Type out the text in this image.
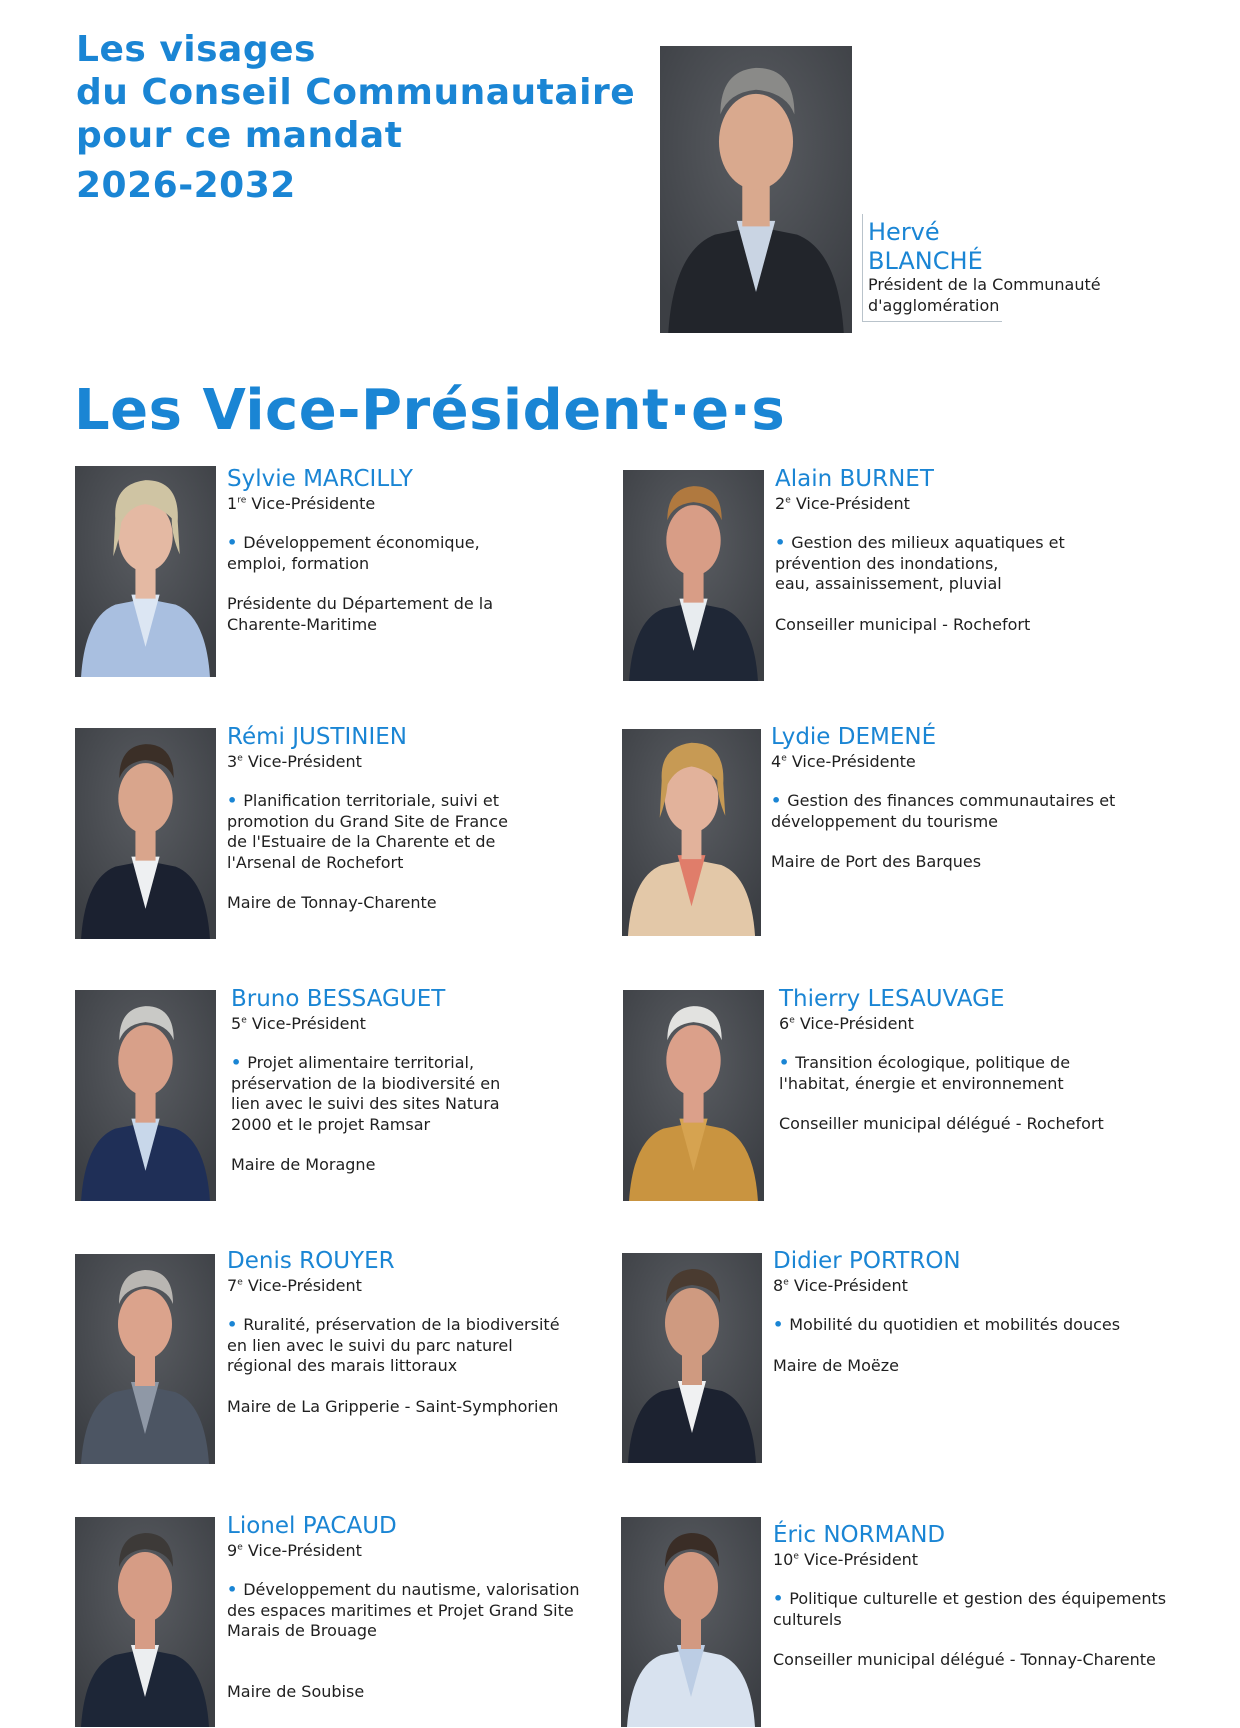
Les visages
du Conseil Communautaire
pour ce mandat

2026-2032
Hervé
BLANCHÉ
Président de la Communauté
d'agglomération
Les Vice-Président·e·s
Sylvie MARCILLY
1re Vice-Présidente
• Développement économique,
emploi, formation
Présidente du Département de la
Charente-Maritime
Alain BURNET
2e Vice-Président
• Gestion des milieux aquatiques et
prévention des inondations,
eau, assainissement, pluvial
Conseiller municipal - Rochefort
Rémi JUSTINIEN
3e Vice-Président
• Planification territoriale, suivi et
promotion du Grand Site de France
de l'Estuaire de la Charente et de
l'Arsenal de Rochefort
Maire de Tonnay-Charente
Lydie DEMENÉ
4e Vice-Présidente
• Gestion des finances communautaires et
développement du tourisme
Maire de Port des Barques
Bruno BESSAGUET
5e Vice-Président
• Projet alimentaire territorial,
préservation de la biodiversité en
lien avec le suivi des sites Natura
2000 et le projet Ramsar
Maire de Moragne
Thierry LESAUVAGE
6e Vice-Président
• Transition écologique, politique de
l'habitat, énergie et environnement
Conseiller municipal délégué - Rochefort
Denis ROUYER
7e Vice-Président
• Ruralité, préservation de la biodiversité
en lien avec le suivi du parc naturel
régional des marais littoraux
Maire de La Gripperie - Saint-Symphorien
Didier PORTRON
8e Vice-Président
• Mobilité du quotidien et mobilités douces
Maire de Moëze
Lionel PACAUD
9e Vice-Président
• Développement du nautisme, valorisation
des espaces maritimes et Projet Grand Site
Marais de Brouage
Maire de Soubise
Éric NORMAND
10e Vice-Président
• Politique culturelle et gestion des équipements
culturels
Conseiller municipal délégué - Tonnay-Charente
